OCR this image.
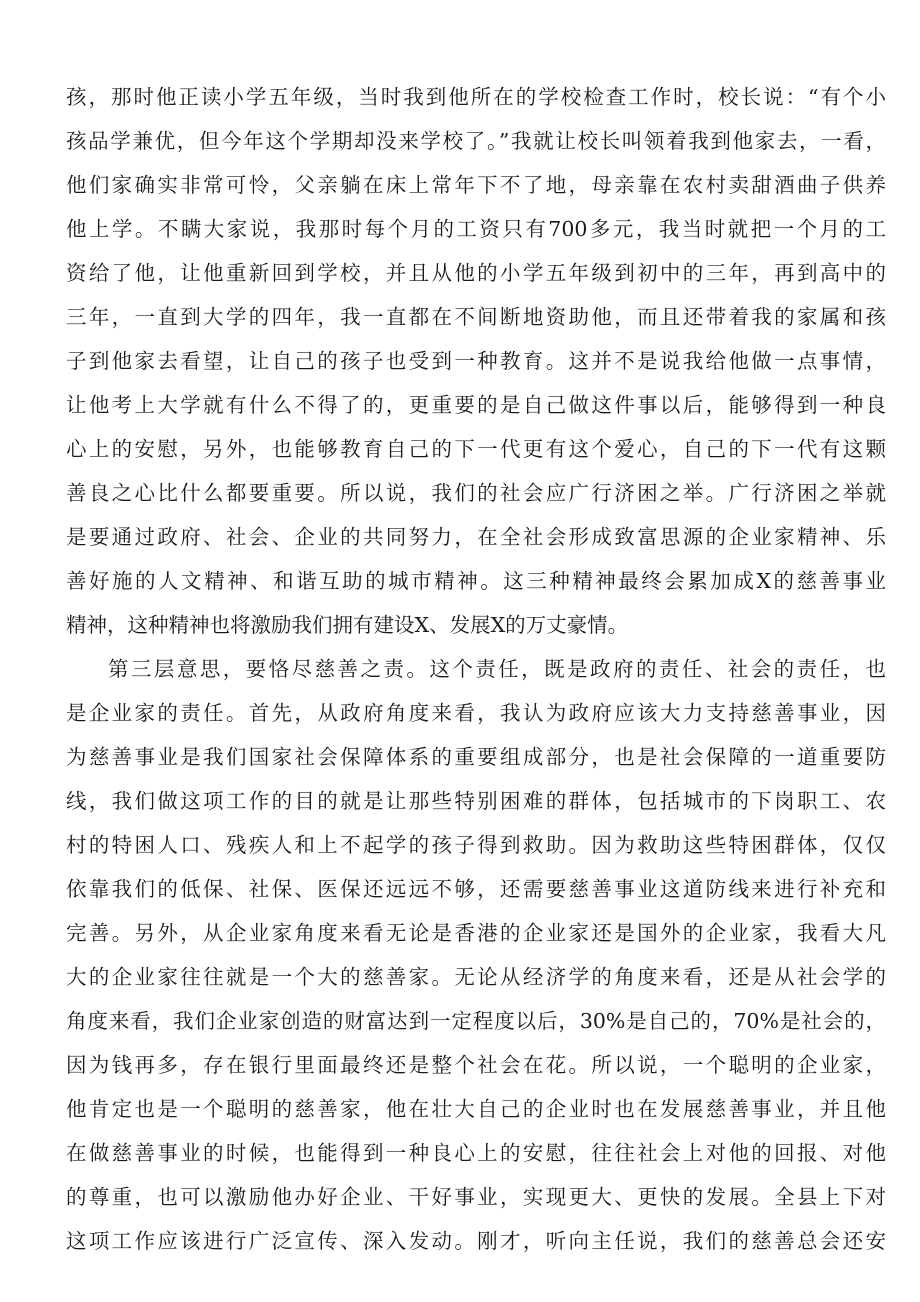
孩，那时他正读小学五年级，当时我到他所在的学校检查工作时，校长说：“有个小
孩品学兼优，但今年这个学期却没来学校了。”我就让校长叫领着我到他家去，一看，
他们家确实非常可怜，父亲躺在床上常年下不了地，母亲靠在农村卖甜酒曲子供养
他上学。不瞒大家说，我那时每个月的工资只有700多元，我当时就把一个月的工
资给了他，让他重新回到学校，并且从他的小学五年级到初中的三年，再到高中的
三年，一直到大学的四年，我一直都在不间断地资助他，而且还带着我的家属和孩
子到他家去看望，让自己的孩子也受到一种教育。这并不是说我给他做一点事情，
让他考上大学就有什么不得了的，更重要的是自己做这件事以后，能够得到一种良
心上的安慰，另外，也能够教育自己的下一代更有这个爱心，自己的下一代有这颗
善良之心比什么都要重要。所以说，我们的社会应广行济困之举。广行济困之举就
是要通过政府、社会、企业的共同努力，在全社会形成致富思源的企业家精神、乐
善好施的人文精神、和谐互助的城市精神。这三种精神最终会累加成X的慈善事业
精神，这种精神也将激励我们拥有建设X、发展X的万丈豪情。
第三层意思，要恪尽慈善之责。这个责任，既是政府的责任、社会的责任，也
是企业家的责任。首先，从政府角度来看，我认为政府应该大力支持慈善事业，因
为慈善事业是我们国家社会保障体系的重要组成部分，也是社会保障的一道重要防
线，我们做这项工作的目的就是让那些特别困难的群体，包括城市的下岗职工、农
村的特困人口、残疾人和上不起学的孩子得到救助。因为救助这些特困群体，仅仅
依靠我们的低保、社保、医保还远远不够，还需要慈善事业这道防线来进行补充和
完善。另外，从企业家角度来看无论是香港的企业家还是国外的企业家，我看大凡
大的企业家往往就是一个大的慈善家。无论从经济学的角度来看，还是从社会学的
角度来看，我们企业家创造的财富达到一定程度以后，30%是自己的，70%是社会的，
因为钱再多，存在银行里面最终还是整个社会在花。所以说，一个聪明的企业家，
他肯定也是一个聪明的慈善家，他在壮大自己的企业时也在发展慈善事业，并且他
在做慈善事业的时候，也能得到一种良心上的安慰，往往社会上对他的回报、对他
的尊重，也可以激励他办好企业、干好事业，实现更大、更快的发展。全县上下对
这项工作应该进行广泛宣传、深入发动。刚才，听向主任说，我们的慈善总会还安
